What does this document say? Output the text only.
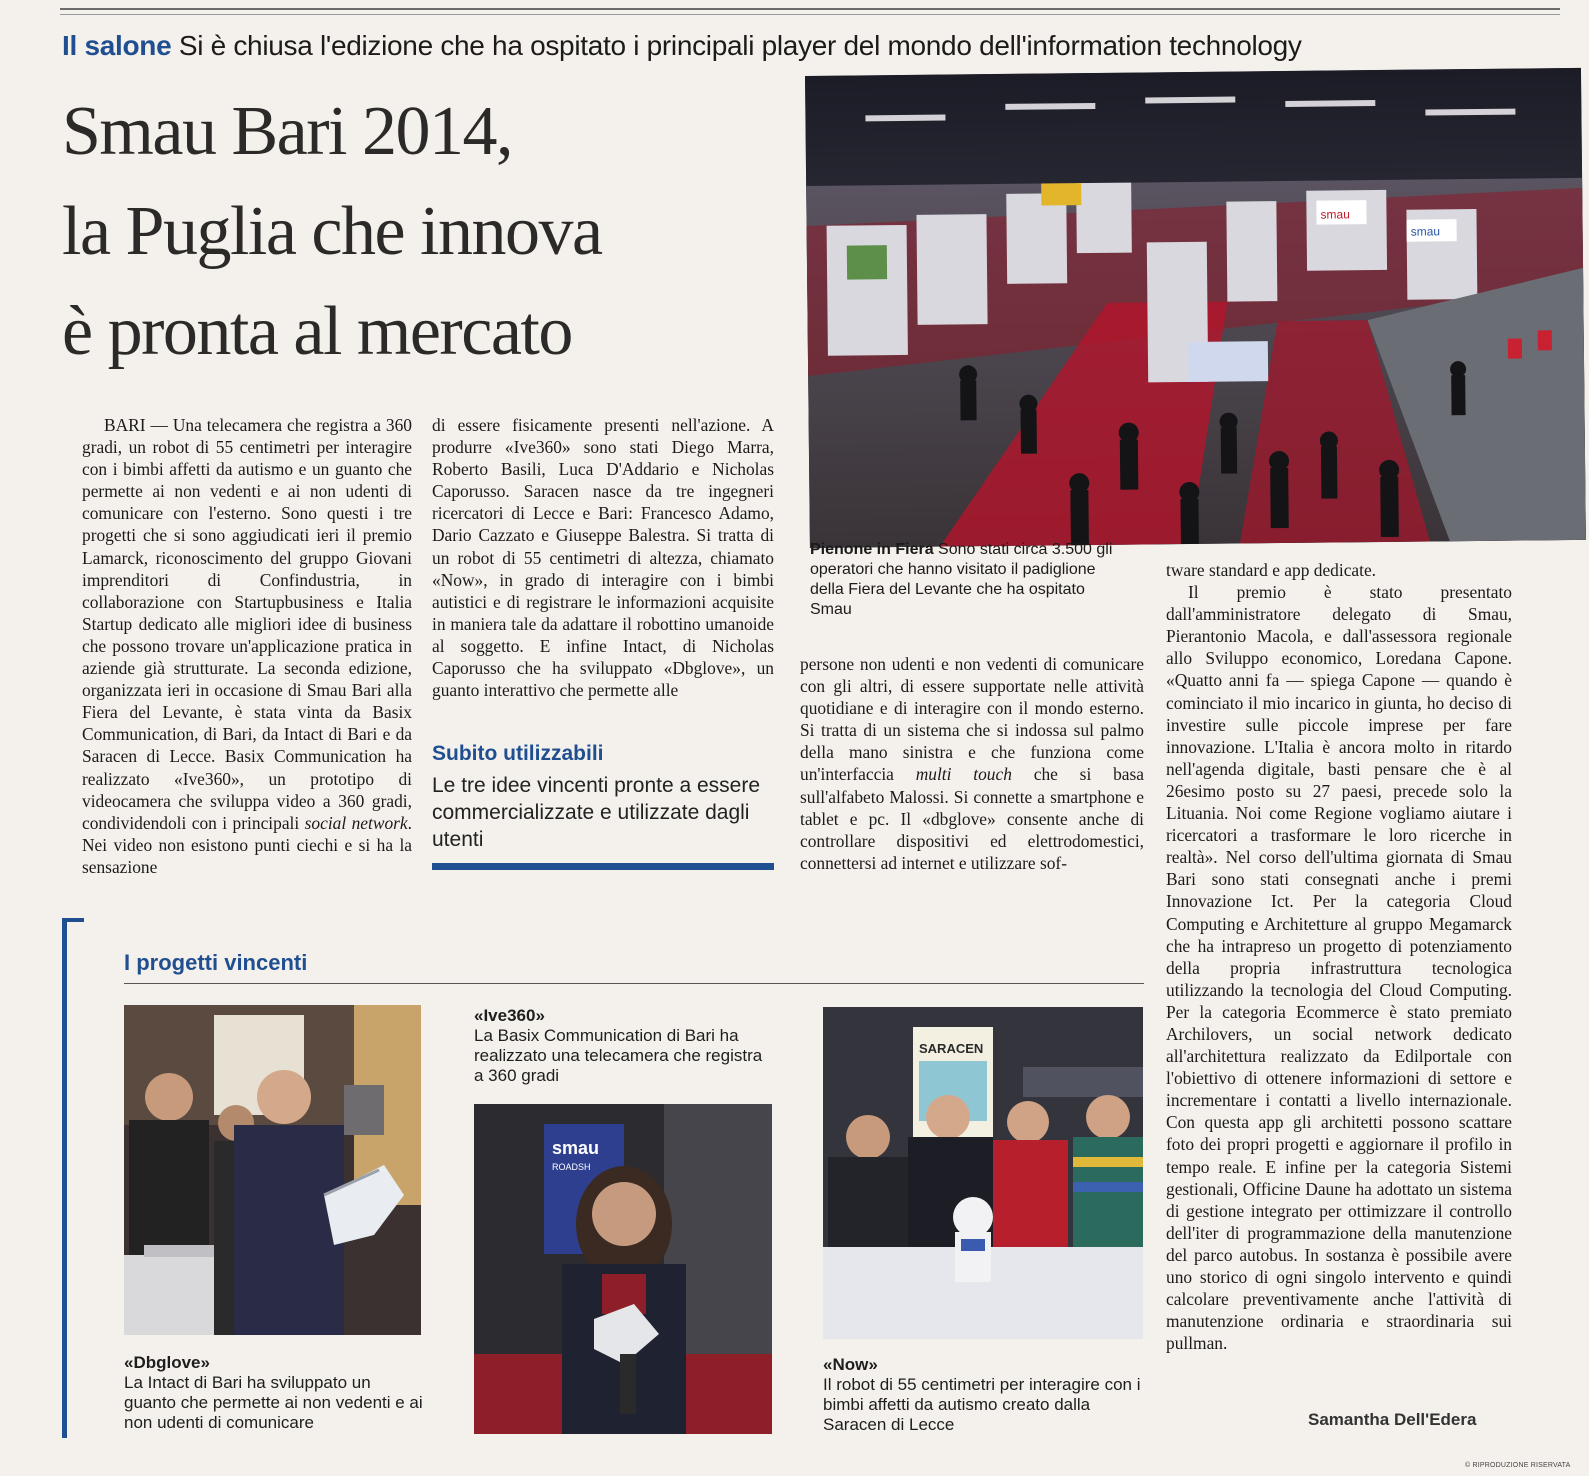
Il salone Si è chiusa l'edizione che ha ospitato i principali player del mondo dell'information technology
Smau Bari 2014,
la Puglia che innova
è pronta al mercato
smau
smau
Pienone in Fiera Sono stati circa 3.500 gli operatori che hanno visitato il padiglione della Fiera del Levante che ha ospitato Smau

BARI — Una telecamera che registra a 360 gradi, un robot di 55 centimetri per interagire con i bimbi affetti da autismo e un guanto che permette ai non vedenti e ai non udenti di comunicare con l'esterno. Sono questi i tre progetti che si sono aggiudicati ieri il premio Lamarck, riconoscimento del gruppo Giovani imprenditori di Confindustria, in collaborazione con Startupbusiness e Italia Startup dedicato alle migliori idee di business che possono trovare un'applicazione pratica in aziende già strutturate. La seconda edizione, organizzata ieri in occasione di Smau Bari alla Fiera del Levante, è stata vinta da Basix Communication, di Bari, da Intact di Bari e da Saracen di Lecce. Basix Communication ha realizzato «Ive360», un prototipo di videocamera che sviluppa video a 360 gradi, condividendoli con i principali social network. Nei video non esistono punti ciechi e si ha la sensazione

di essere fisicamente presenti nell'azione. A produrre «Ive360» sono stati Diego Marra, Roberto Basili, Luca D'Addario e Nicholas Caporusso. Saracen nasce da tre ingegneri ricercatori di Lecce e Bari: Francesco Adamo, Dario Cazzato e Giuseppe Balestra. Si tratta di un robot di 55 centimetri di altezza, chiamato «Now», in grado di interagire con i bimbi autistici e di registrare le informazioni acquisite in maniera tale da adattare il robottino umanoide al soggetto. E infine Intact, di Nicholas Caporusso che ha sviluppato «Dbglove», un guanto interattivo che permette alle

Subito utilizzabili
Le tre idee vincenti pronte a essere commercializzate e utilizzate dagli utenti

persone non udenti e non vedenti di comunicare con gli altri, di essere supportate nelle attività quotidiane e di interagire con il mondo esterno. Si tratta di un sistema che si indossa sul palmo della mano sinistra e che funziona come un'interfaccia multi touch che si basa sull'alfabeto Malossi. Si connette a smartphone e tablet e pc. Il «dbglove» consente anche di controllare dispositivi ed elettrodomestici, connettersi ad internet e utilizzare sof-

tware standard e app dedicate.

Il premio è stato presentato dall'amministratore delegato di Smau, Pierantonio Macola, e dall'assessora regionale allo Sviluppo economico, Loredana Capone. «Quatto anni fa — spiega Capone — quando è cominciato il mio incarico in giunta, ho deciso di investire sulle piccole imprese per fare innovazione. L'Italia è ancora molto in ritardo nell'agenda digitale, basti pensare che è al 26esimo posto su 27 paesi, precede solo la Lituania. Noi come Regione vogliamo aiutare i ricercatori a trasformare le loro ricerche in realtà». Nel corso dell'ultima giornata di Smau Bari sono stati consegnati anche i premi Innovazione Ict. Per la categoria Cloud Computing e Architetture al gruppo Megamarck che ha intrapreso un progetto di potenziamento della propria infrastruttura tecnologica utilizzando la tecnologia del Cloud Computing. Per la categoria Ecommerce è stato premiato Archilovers, un social network dedicato all'architettura realizzato da Edilportale con l'obiettivo di ottenere informazioni di settore e incrementare i contatti a livello internazionale. Con questa app gli architetti possono scattare foto dei propri progetti e aggiornare il profilo in tempo reale. E infine per la categoria Sistemi gestionali, Officine Daune ha adottato un sistema di gestione integrato per ottimizzare il controllo dell'iter di programmazione della manutenzione del parco autobus. In sostanza è possibile avere uno storico di ogni singolo intervento e quindi calcolare preventivamente anche l'attività di manutenzione ordinaria e straordinaria sui pullman.

Samantha Dell'Edera
© RIPRODUZIONE RISERVATA
I progetti vincenti
«Dbglove»
La Intact di Bari ha sviluppato un guanto che permette ai non vedenti e ai non udenti di comunicare
«Ive360»
La Basix Communication di Bari ha realizzato una telecamera che registra a 360 gradi
smau
ROADSH
SARACEN
«Now»
Il robot di 55 centimetri per interagire con i bimbi affetti da autismo creato dalla Saracen di Lecce
